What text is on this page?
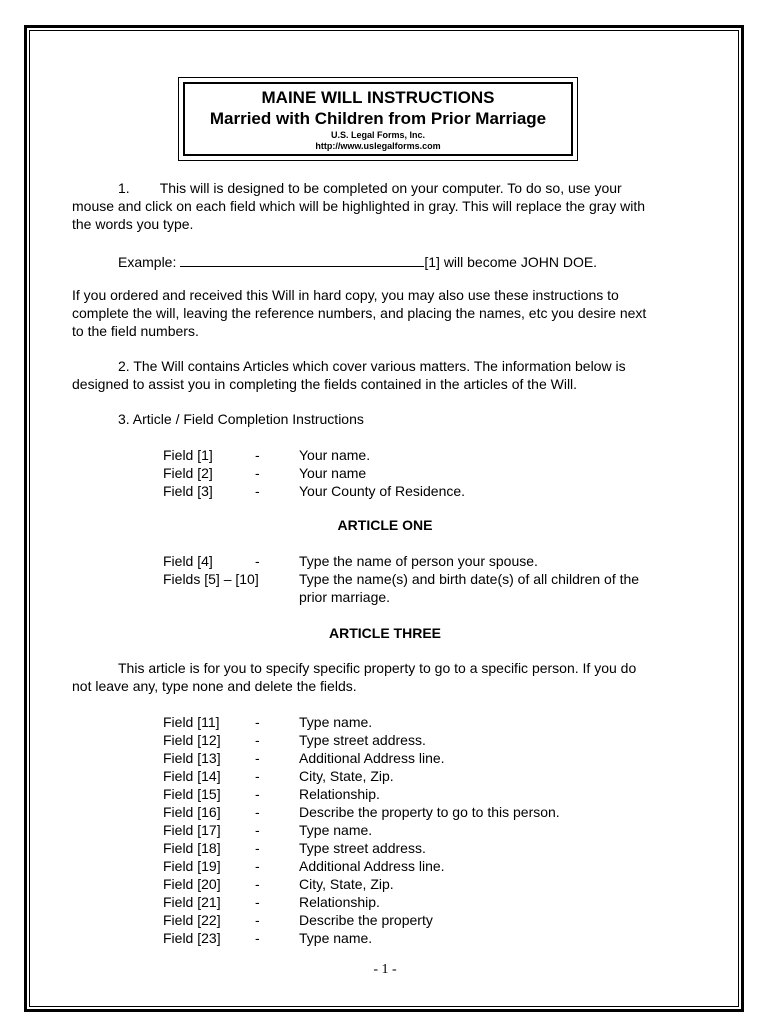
MAINE WILL INSTRUCTIONS
Married with Children from Prior Marriage
U.S. Legal Forms, Inc.
http://www.uslegalforms.com
1. This will is designed to be completed on your computer. To do so, use your
mouse and click on each field which will be highlighted in gray. This will replace the gray with
the words you type.
Example:	[1] will become JOHN DOE.
If you ordered and received this Will in hard copy, you may also use these instructions to
complete the will, leaving the reference numbers, and placing the names, etc you desire next
to the field numbers.
2. The Will contains Articles which cover various matters. The information below is
designed to assist you in completing the fields contained in the articles of the Will.
3. Article / Field Completion Instructions
Field [1]	-	Your name.
Field [2]	-	Your name
Field [3]	-	Your County of Residence.
ARTICLE ONE
Field [4]	-	Type the name of person your spouse.
Fields [5] – [10]	Type the name(s) and birth date(s) of all children of the
prior marriage.
ARTICLE THREE
This article is for you to specify specific property to go to a specific person. If you do
not leave any, type none and delete the fields.
Field [11]	-	Type name.
Field [12]	-	Type street address.
Field [13]	-	Additional Address line.
Field [14]	-	City, State, Zip.
Field [15]	-	Relationship.
Field [16]	-	Describe the property to go to this person.
Field [17]	-	Type name.
Field [18]	-	Type street address.
Field [19]	-	Additional Address line.
Field [20]	-	City, State, Zip.
Field [21]	-	Relationship.
Field [22]	-	Describe the property
Field [23]	-	Type name.
- 1 -
